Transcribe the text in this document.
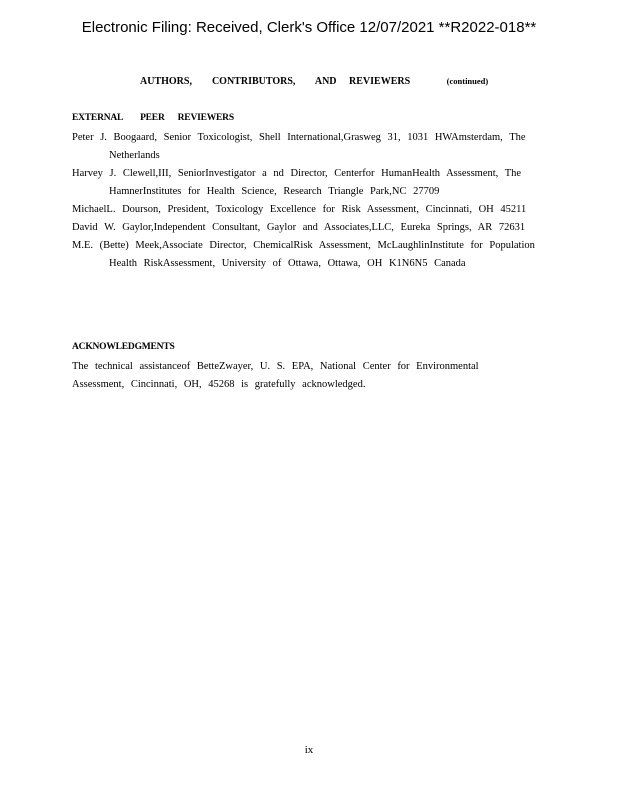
Electronic Filing: Received, Clerk's Office 12/07/2021 **R2022-018**
AUTHORS,        CONTRIBUTORS,        AND     REVIEWERS	(continued)
EXTERNAL        PEER      REVIEWERS
Peter J. Boogaard, Senior Toxicologist, Shell International,Grasweg 31, 1031 HWAmsterdam, The Netherlands
Harvey J. Clewell,III, SeniorInvestigator a nd Director, Centerfor HumanHealth Assessment, The HamnerInstitutes for Health Science, Research Triangle Park,NC 27709
MichaelL. Dourson, President, Toxicology Excellence for Risk Assessment, Cincinnati, OH 45211
David W. Gaylor,Independent Consultant, Gaylor and Associates,LLC, Eureka Springs, AR 72631
M.E. (Bette) Meek,Associate Director, ChemicalRisk Assessment, McLaughlinInstitute for Population Health RiskAssessment, University of Ottawa, Ottawa, OH K1N6N5 Canada
ACKNOWLEDGMENTS
The technical assistanceof BetteZwayer, U. S. EPA, National Center for Environmental Assessment, Cincinnati, OH, 45268 is gratefully acknowledged.
ix
